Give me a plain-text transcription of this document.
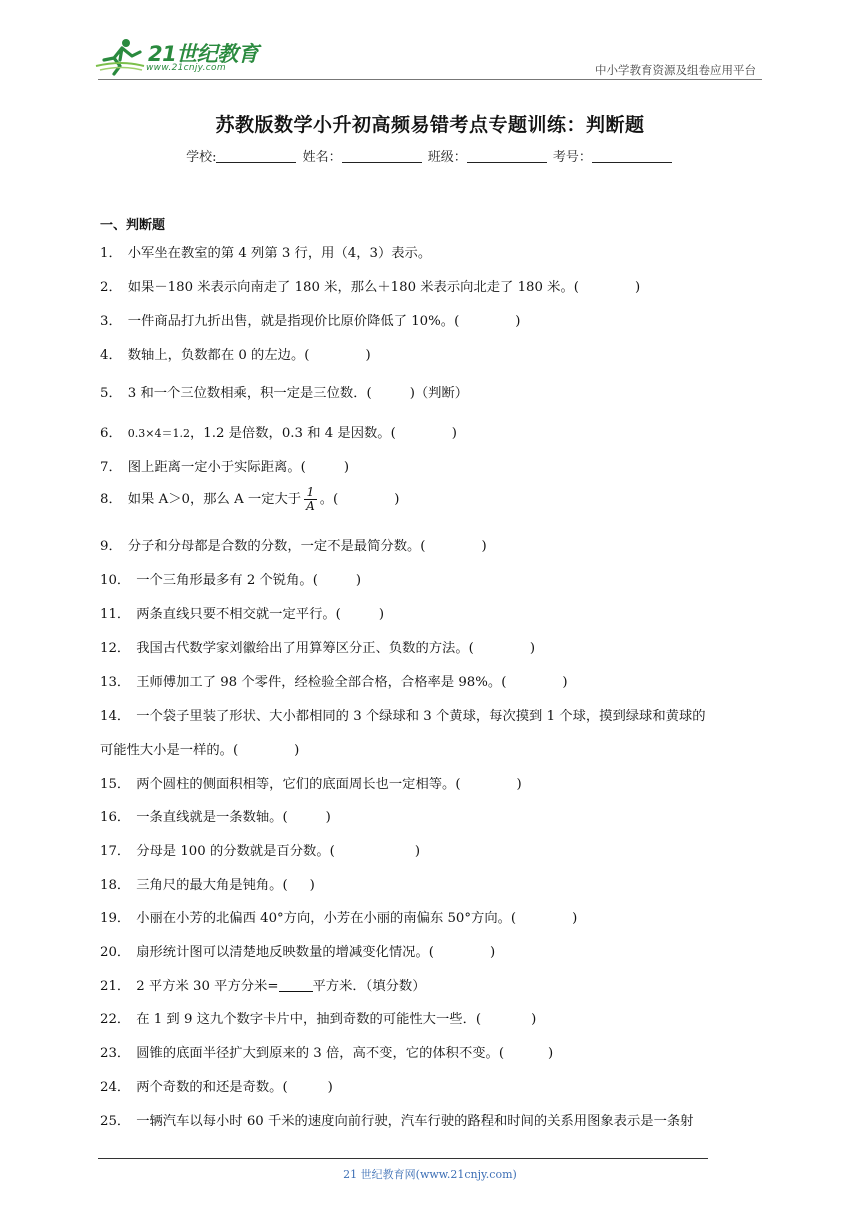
21世纪教育
www.21cnjy.com	中小学教育资源及组卷应用平台
苏教版数学小升初高频易错考点专题训练：判断题
学校:	姓名：	班级：	考号：
一、判断题
1． 小军坐在教室的第 4 列第 3 行，用（4，3）表示。
2． 如果－180 米表示向南走了 180 米，那么＋180 米表示向北走了 180 米。(	)
3． 一件商品打九折出售，就是指现价比原价降低了 10%。(	)
4． 数轴上，负数都在 0 的左边。(	)
5． 3 和一个三位数相乘，积一定是三位数．(	)（判断）
6． 0.3×4＝1.2，1.2 是倍数，0.3 和 4 是因数。(	)
7． 图上距离一定小于实际距离。(	)
8． 如果 A＞0，那么 A 一定大于 $\frac{1}{A}$ 。(	)
9． 分子和分母都是合数的分数，一定不是最简分数。(	)
10． 一个三角形最多有 2 个锐角。(	)
11． 两条直线只要不相交就一定平行。(	)
12． 我国古代数学家刘徽给出了用算筹区分正、负数的方法。(	)
13． 王师傅加工了 98 个零件，经检验全部合格，合格率是 98%。(	)
14． 一个袋子里装了形状、大小都相同的 3 个绿球和 3 个黄球，每次摸到 1 个球，摸到绿球和黄球的
可能性大小是一样的。(	)
15． 两个圆柱的侧面积相等，它们的底面周长也一定相等。(	)
16． 一条直线就是一条数轴。(	)
17． 分母是 100 的分数就是百分数。(	)
18． 三角尺的最大角是钝角。( )
19． 小丽在小芳的北偏西 40°方向，小芳在小丽的南偏东 50°方向。(	)
20． 扇形统计图可以清楚地反映数量的增减变化情况。(	)
21． 2 平方米 30 平方分米=	平方米．（填分数）
22． 在 1 到 9 这九个数字卡片中，抽到奇数的可能性大一些．(	)
23． 圆锥的底面半径扩大到原来的 3 倍，高不变，它的体积不变。(	)
24． 两个奇数的和还是奇数。(	)
25． 一辆汽车以每小时 60 千米的速度向前行驶，汽车行驶的路程和时间的关系用图象表示是一条射
21 世纪教育网(www.21cnjy.com)
